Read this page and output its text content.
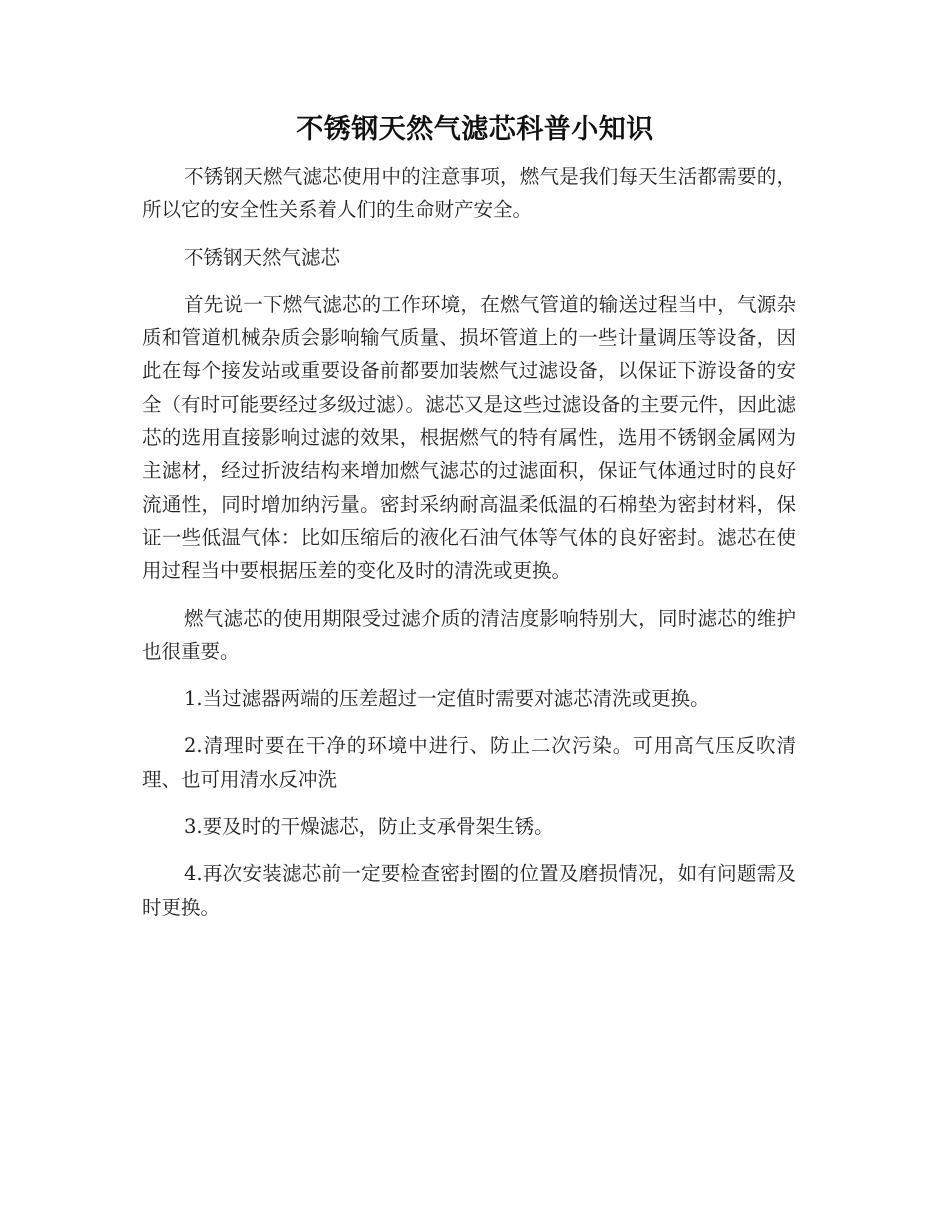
不锈钢天然气滤芯科普小知识

不锈钢天燃气滤芯使用中的注意事项，燃气是我们每天生活都需要的，所以它的安全性关系着人们的生命财产安全。

不锈钢天然气滤芯

首先说一下燃气滤芯的工作环境，在燃气管道的输送过程当中，气源杂质和管道机械杂质会影响输气质量、损坏管道上的一些计量调压等设备，因此在每个接发站或重要设备前都要加装燃气过滤设备，以保证下游设备的安全（有时可能要经过多级过滤）。滤芯又是这些过滤设备的主要元件，因此滤芯的选用直接影响过滤的效果，根据燃气的特有属性，选用不锈钢金属网为主滤材，经过折波结构来增加燃气滤芯的过滤面积，保证气体通过时的良好流通性，同时增加纳污量。密封采纳耐高温柔低温的石棉垫为密封材料，保证一些低温气体：比如压缩后的液化石油气体等气体的良好密封。滤芯在使用过程当中要根据压差的变化及时的清洗或更换。

燃气滤芯的使用期限受过滤介质的清洁度影响特别大，同时滤芯的维护也很重要。

1.当过滤器两端的压差超过一定值时需要对滤芯清洗或更换。

2.清理时要在干净的环境中进行、防止二次污染。可用高气压反吹清理、也可用清水反冲洗

3.要及时的干燥滤芯，防止支承骨架生锈。

4.再次安装滤芯前一定要检查密封圈的位置及磨损情况，如有问题需及时更换。
